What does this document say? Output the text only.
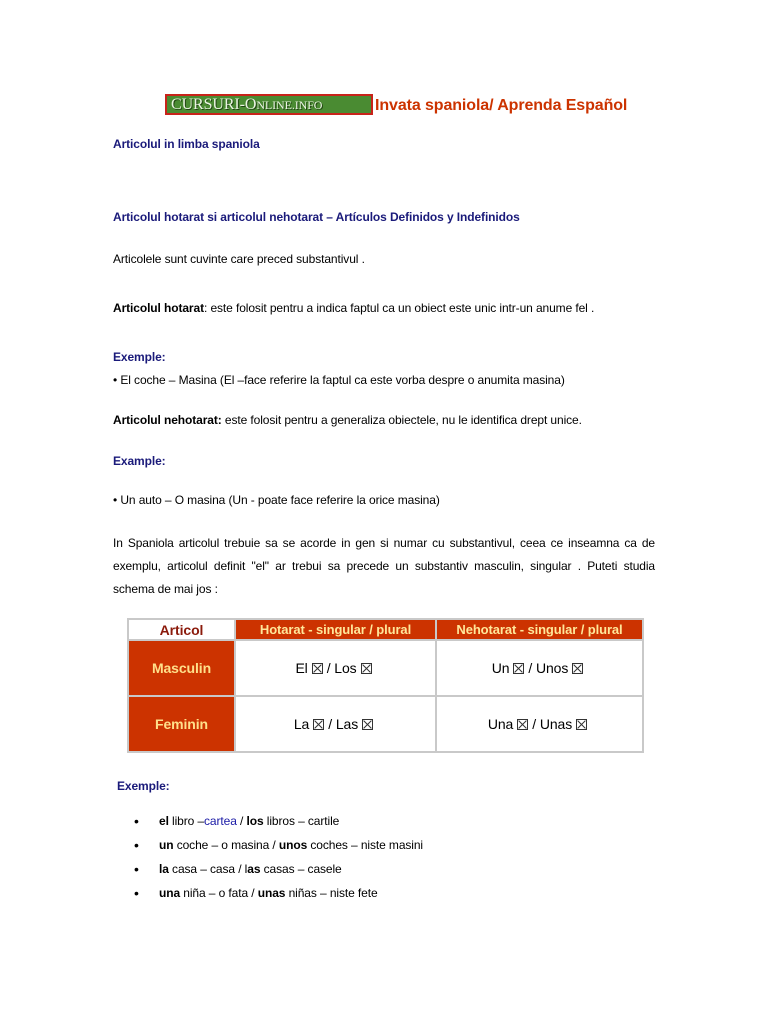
CURSURI-ONLINE.INFO	Invata spaniola/ Aprenda Español
Articolul in limba spaniola
Articolul hotarat si articolul nehotarat – Artículos Definidos y Indefinidos
Articolele sunt cuvinte care preced substantivul .
Articolul hotarat: este folosit pentru a indica faptul ca un obiect este unic intr-un anume fel .
Exemple:
• El coche – Masina (El –face referire la faptul ca este vorba despre o anumita masina)
Articolul nehotarat: este folosit pentru a generaliza obiectele, nu le identifica drept unice.
Example:
• Un auto – O masina (Un - poate face referire la orice masina)
In Spaniola articolul trebuie sa se acorde in gen si numar cu substantivul, ceea ce inseamna ca de exemplu, articolul definit "el" ar trebui sa precede un substantiv masculin, singular . Puteti studia schema de mai jos :
Articol	Hotarat - singular / plural	Nehotarat - singular / plural
Masculin	El / Los	Un / Unos
Feminin	La / Las	Una / Unas
Exemple:
• el libro –cartea / los libros – cartile
• un coche – o masina / unos coches – niste masini
• la casa – casa / las casas – casele
• una niña – o fata / unas niñas – niste fete
